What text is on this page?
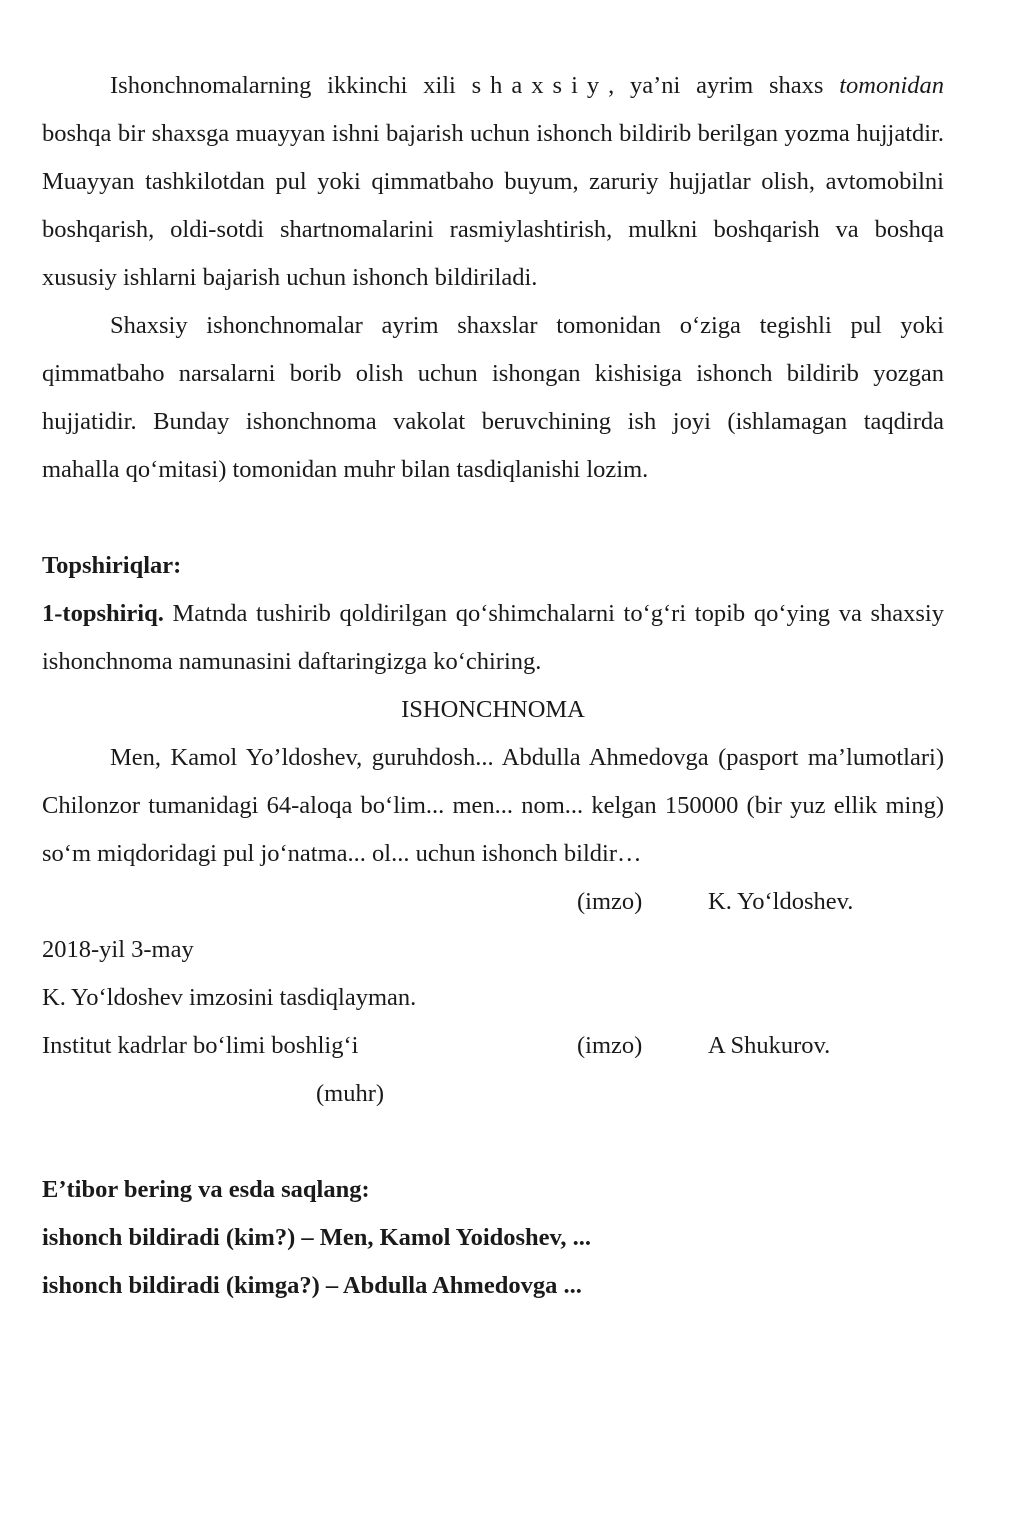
Ishonchnomalarning ikkinchi xili shaxsiy, ya’ni ayrim shaxs tomonidan boshqa bir shaxsga muayyan ishni bajarish uchun ishonch bildirib berilgan yozma hujjatdir. Muayyan tashkilotdan pul yoki qimmatbaho buyum, zaruriy hujjatlar olish, avtomobilni boshqarish, oldi-sotdi shartnomalarini rasmiylashtirish, mulkni boshqarish va boshqa xususiy ishlarni bajarish uchun ishonch bildiriladi.

Shaxsiy ishonchnomalar ayrim shaxslar tomonidan o‘ziga tegishli pul yoki qimmatbaho narsalarni borib olish uchun ishongan kishisiga ishonch bildirib yozgan hujjatidir. Bunday ishonchnoma vakolat beruvchining ish joyi (ishlamagan taqdirda mahalla qo‘mitasi) tomonidan muhr bilan tasdiqlanishi lozim.

Topshiriqlar:

1-topshiriq. Matnda tushirib qoldirilgan qo‘shimchalarni to‘g‘ri topib qo‘ying va shaxsiy ishonchnoma namunasini daftaringizga ko‘chiring.

ISHONCHNOMA

Men, Kamol Yo’ldoshev, guruhdosh... Abdulla Ahmedovga (pasport ma’lumotlari) Chilonzor tumanidagi 64-aloqa bo‘lim... men... nom... kelgan 150000 (bir yuz ellik ming) so‘m miqdoridagi pul jo‘natma... ol... uchun ishonch bildir…

(imzo)	K. Yo‘ldoshev.

2018-yil 3-may

K. Yo‘ldoshev imzosini tasdiqlayman.

Institut kadrlar bo‘limi boshlig‘i	(imzo)	A Shukurov.

(muhr)

E’tibor bering va esda saqlang:

ishonch bildiradi (kim?) – Men, Kamol Yoidoshev, ...

ishonch bildiradi (kimga?) – Abdulla Ahmedovga ...
